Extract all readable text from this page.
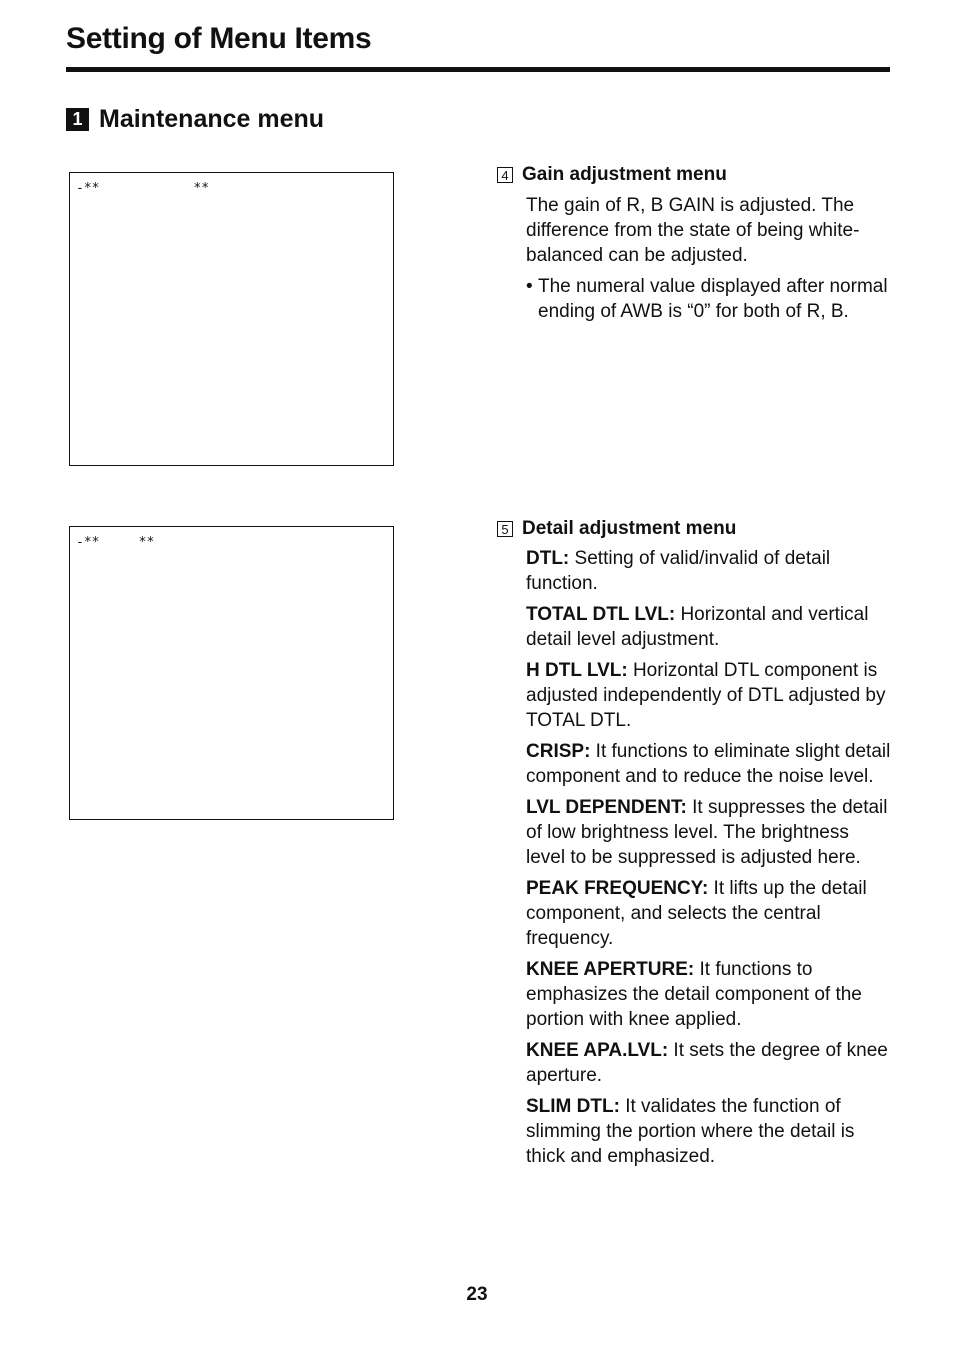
Setting of Menu Items
1 Maintenance menu
-**            **
-**     **
4 Gain adjustment menu

The gain of R, B GAIN is adjusted. The difference from the state of being white-balanced can be adjusted.

• The numeral value displayed after normal ending of AWB is “0” for both of R, B.
5 Detail adjustment menu
DTL: Setting of valid/invalid of detail function.
TOTAL DTL LVL: Horizontal and vertical detail level adjustment.
H DTL LVL: Horizontal DTL component is adjusted independently of DTL adjusted by TOTAL DTL.
CRISP: It functions to eliminate slight detail component and to reduce the noise level.
LVL DEPENDENT: It suppresses the detail of low brightness level. The brightness level to be suppressed is adjusted here.
PEAK FREQUENCY: It lifts up the detail component, and selects the central frequency.
KNEE APERTURE: It functions to emphasizes the detail component of the portion with knee applied.
KNEE APA.LVL: It sets the degree of knee aperture.
SLIM DTL: It validates the function of slimming the portion where the detail is thick and emphasized.
23
